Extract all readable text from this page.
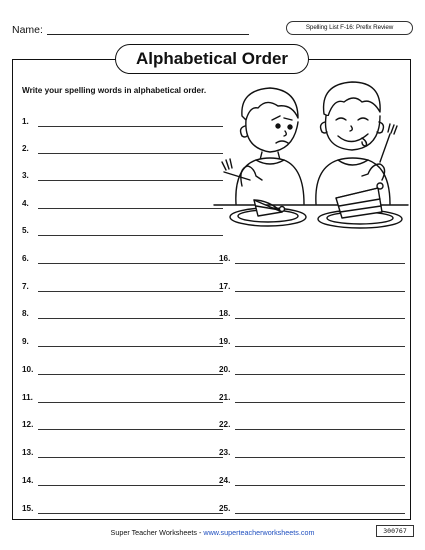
Name:	Spelling List F-16: Prefix Review
Alphabetical Order
Write your spelling words in alphabetical order.
1.
2.
3.
4.
5.
6.
7.
8.
9.
10.
11.
12.
13.
14.
15.
16.
17.
18.
19.
20.
21.
22.
23.
24.
25.
Super Teacher Worksheets - www.superteacherworksheets.com	300767
